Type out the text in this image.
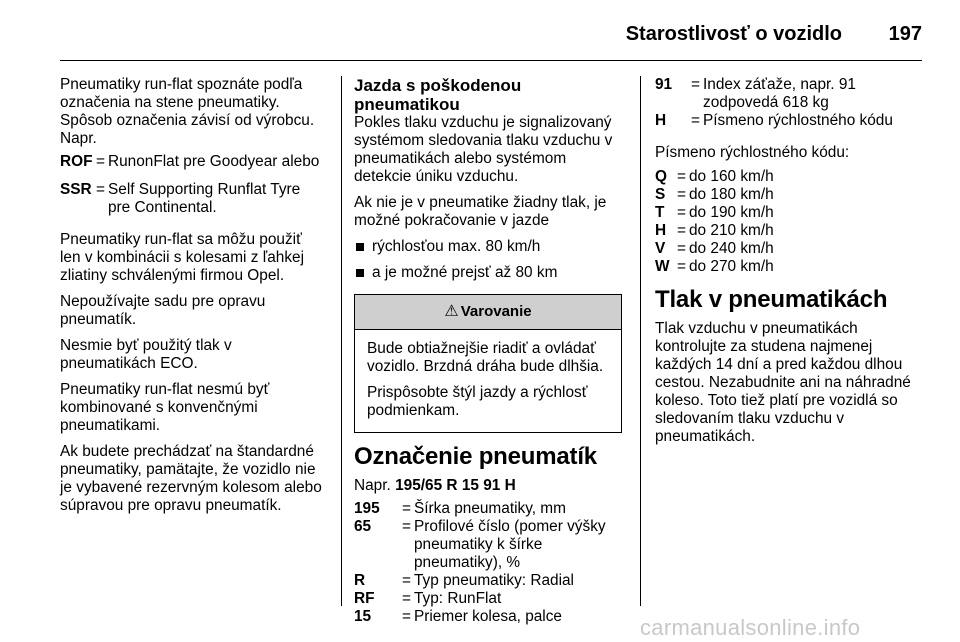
Starostlivosť o vozidlo 197

Pneumatiky run-flat spoznáte podľa označenia na stene pneumatiky. Spôsob označenia závisí od výrobcu. Napr.

ROF = RunonFlat pre Goodyear alebo
SSR = Self Supporting Runflat Tyre pre Continental.

Pneumatiky run-flat sa môžu použiť len v kombinácii s kolesami z ľahkej zliatiny schválenými firmou Opel.

Nepoužívajte sadu pre opravu pneumatík.

Nesmie byť použitý tlak v pneumatikách ECO.

Pneumatiky run-flat nesmú byť kombinované s konvenčnými pneumatikami.

Ak budete prechádzať na štandardné pneumatiky, pamätajte, že vozidlo nie je vybavené rezervným kolesom alebo súpravou pre opravu pneumatík.

Jazda s poškodenou pneumatikou

Pokles tlaku vzduchu je signalizovaný systémom sledovania tlaku vzduchu v pneumatikách alebo systémom detekcie úniku vzduchu.

Ak nie je v pneumatike žiadny tlak, je možné pokračovanie v jazde

rýchlosťou max. 80 km/h
a je možné prejsť až 80 km
⚠ Varovanie

Bude obtiažnejšie riadiť a ovládať vozidlo. Brzdná dráha bude dlhšia.

Prispôsobte štýl jazdy a rýchlosť podmienkam.

Označenie pneumatík

Napr. 195/65 R 15 91 H

195	= Šírka pneumatiky, mm
65	= Profilové číslo (pomer výšky pneumatiky k šírke pneumatiky), %
R	= Typ pneumatiky: Radial
RF	= Typ: RunFlat
15	= Priemer kolesa, palce
91	= Index záťaže, napr. 91 zodpovedá 618 kg
H	= Písmeno rýchlostného kódu

Písmeno rýchlostného kódu:

Q = do 160 km/h
S = do 180 km/h
T = do 190 km/h
H = do 210 km/h
V = do 240 km/h
W = do 270 km/h
Tlak v pneumatikách

Tlak vzduchu v pneumatikách kontrolujte za studena najmenej každých 14 dní a pred každou dlhou cestou. Nezabudnite ani na náhradné koleso. Toto tiež platí pre vozidlá so sledovaním tlaku vzduchu v pneumatikách.

carmanualsonline.info
